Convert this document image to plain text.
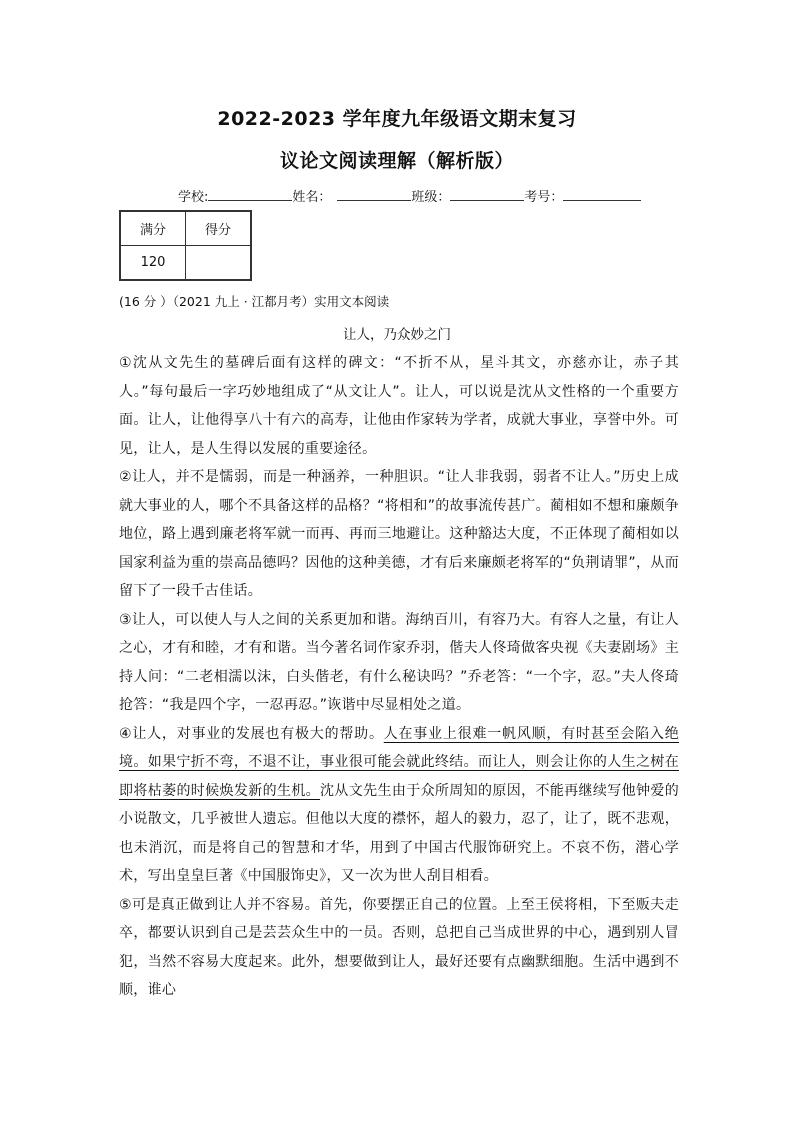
2022-2023 学年度九年级语文期末复习
议论文阅读理解（解析版）
学校:	姓名：	班级：	考号：
满分	得分
120	
(16 分 ）（2021 九上 · 江都月考）实用文本阅读
让人，乃众妙之门

①沈从文先生的墓碑后面有这样的碑文：“不折不从，星斗其文，亦慈亦让，赤子其人。”每句最后一字巧妙地组成了“从文让人”。让人，可以说是沈从文性格的一个重要方面。让人，让他得享八十有六的高寿，让他由作家转为学者，成就大事业，享誉中外。可见，让人，是人生得以发展的重要途径。

②让人，并不是懦弱，而是一种涵养，一种胆识。“让人非我弱，弱者不让人。”历史上成就大事业的人，哪个不具备这样的品格？“将相和”的故事流传甚广。蔺相如不想和廉颇争地位，路上遇到廉老将军就一而再、再而三地避让。这种豁达大度，不正体现了蔺相如以国家利益为重的崇高品德吗？因他的这种美德，才有后来廉颇老将军的“负荆请罪”，从而留下了一段千古佳话。

③让人，可以使人与人之间的关系更加和谐。海纳百川，有容乃大。有容人之量，有让人之心，才有和睦，才有和谐。当今著名词作家乔羽，偕夫人佟琦做客央视《夫妻剧场》主持人问：“二老相濡以沫，白头偕老，有什么秘诀吗？”乔老答：“一个字，忍。”夫人佟琦抢答：“我是四个字，一忍再忍。”诙谐中尽显相处之道。

④让人，对事业的发展也有极大的帮助。人在事业上很难一帆风顺，有时甚至会陷入绝境。如果宁折不弯，不退不让，事业很可能会就此终结。而让人，则会让你的人生之树在即将枯萎的时候焕发新的生机。沈从文先生由于众所周知的原因，不能再继续写他钟爱的小说散文，几乎被世人遗忘。但他以大度的襟怀，超人的毅力，忍了，让了，既不悲观，也未消沉，而是将自己的智慧和才华，用到了中国古代服饰研究上。不哀不伤，潜心学术，写出皇皇巨著《中国服饰史》，又一次为世人刮目相看。

⑤可是真正做到让人并不容易。首先，你要摆正自己的位置。上至王侯将相，下至贩夫走卒，都要认识到自己是芸芸众生中的一员。否则，总把自己当成世界的中心，遇到别人冒犯，当然不容易大度起来。此外，想要做到让人，最好还要有点幽默细胞。生活中遇到不顺，谁心
